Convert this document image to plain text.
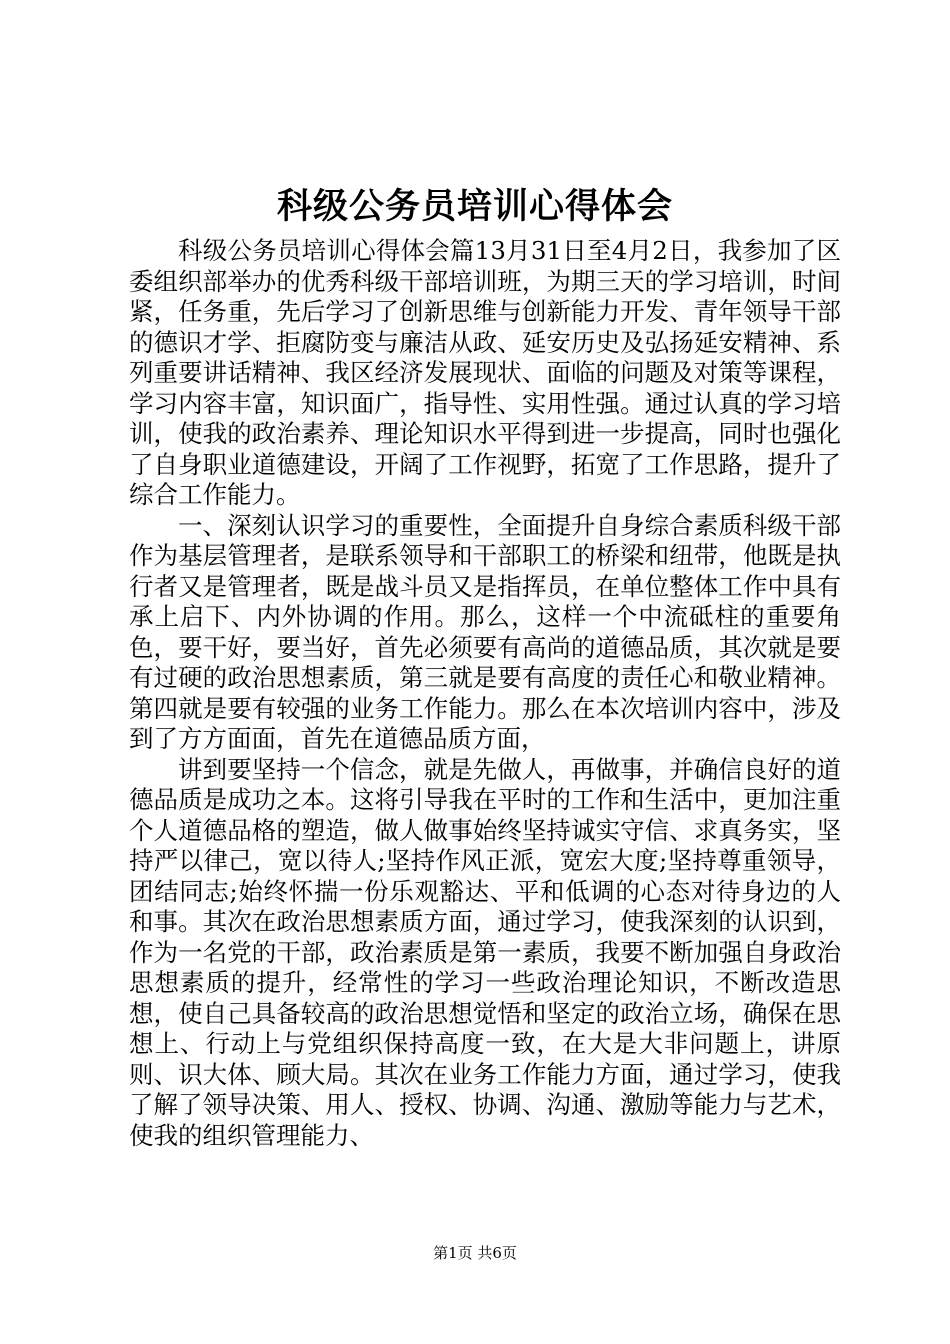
科级公务员培训心得体会

科级公务员培训心得体会篇13月31日至4月2日，我参加了区委组织部举办的优秀科级干部培训班，为期三天的学习培训，时间紧，任务重，先后学习了创新思维与创新能力开发、青年领导干部的德识才学、拒腐防变与廉洁从政、延安历史及弘扬延安精神、系列重要讲话精神、我区经济发展现状、面临的问题及对策等课程，学习内容丰富，知识面广，指导性、实用性强。通过认真的学习培训，使我的政治素养、理论知识水平得到进一步提高，同时也强化了自身职业道德建设，开阔了工作视野，拓宽了工作思路，提升了综合工作能力。

一、深刻认识学习的重要性，全面提升自身综合素质科级干部作为基层管理者，是联系领导和干部职工的桥梁和纽带，他既是执行者又是管理者，既是战斗员又是指挥员，在单位整体工作中具有承上启下、内外协调的作用。那么，这样一个中流砥柱的重要角色，要干好，要当好，首先必须要有高尚的道德品质，其次就是要有过硬的政治思想素质，第三就是要有高度的责任心和敬业精神。第四就是要有较强的业务工作能力。那么在本次培训内容中，涉及到了方方面面，首先在道德品质方面，

讲到要坚持一个信念，就是先做人，再做事，并确信良好的道德品质是成功之本。这将引导我在平时的工作和生活中，更加注重个人道德品格的塑造，做人做事始终坚持诚实守信、求真务实，坚持严以律己，宽以待人;坚持作风正派，宽宏大度;坚持尊重领导，团结同志;始终怀揣一份乐观豁达、平和低调的心态对待身边的人和事。其次在政治思想素质方面，通过学习，使我深刻的认识到，作为一名党的干部，政治素质是第一素质，我要不断加强自身政治思想素质的提升，经常性的学习一些政治理论知识，不断改造思想，使自己具备较高的政治思想觉悟和坚定的政治立场，确保在思想上、行动上与党组织保持高度一致，在大是大非问题上，讲原则、识大体、顾大局。其次在业务工作能力方面，通过学习，使我了解了领导决策、用人、授权、协调、沟通、激励等能力与艺术，使我的组织管理能力、

第1页 共6页
